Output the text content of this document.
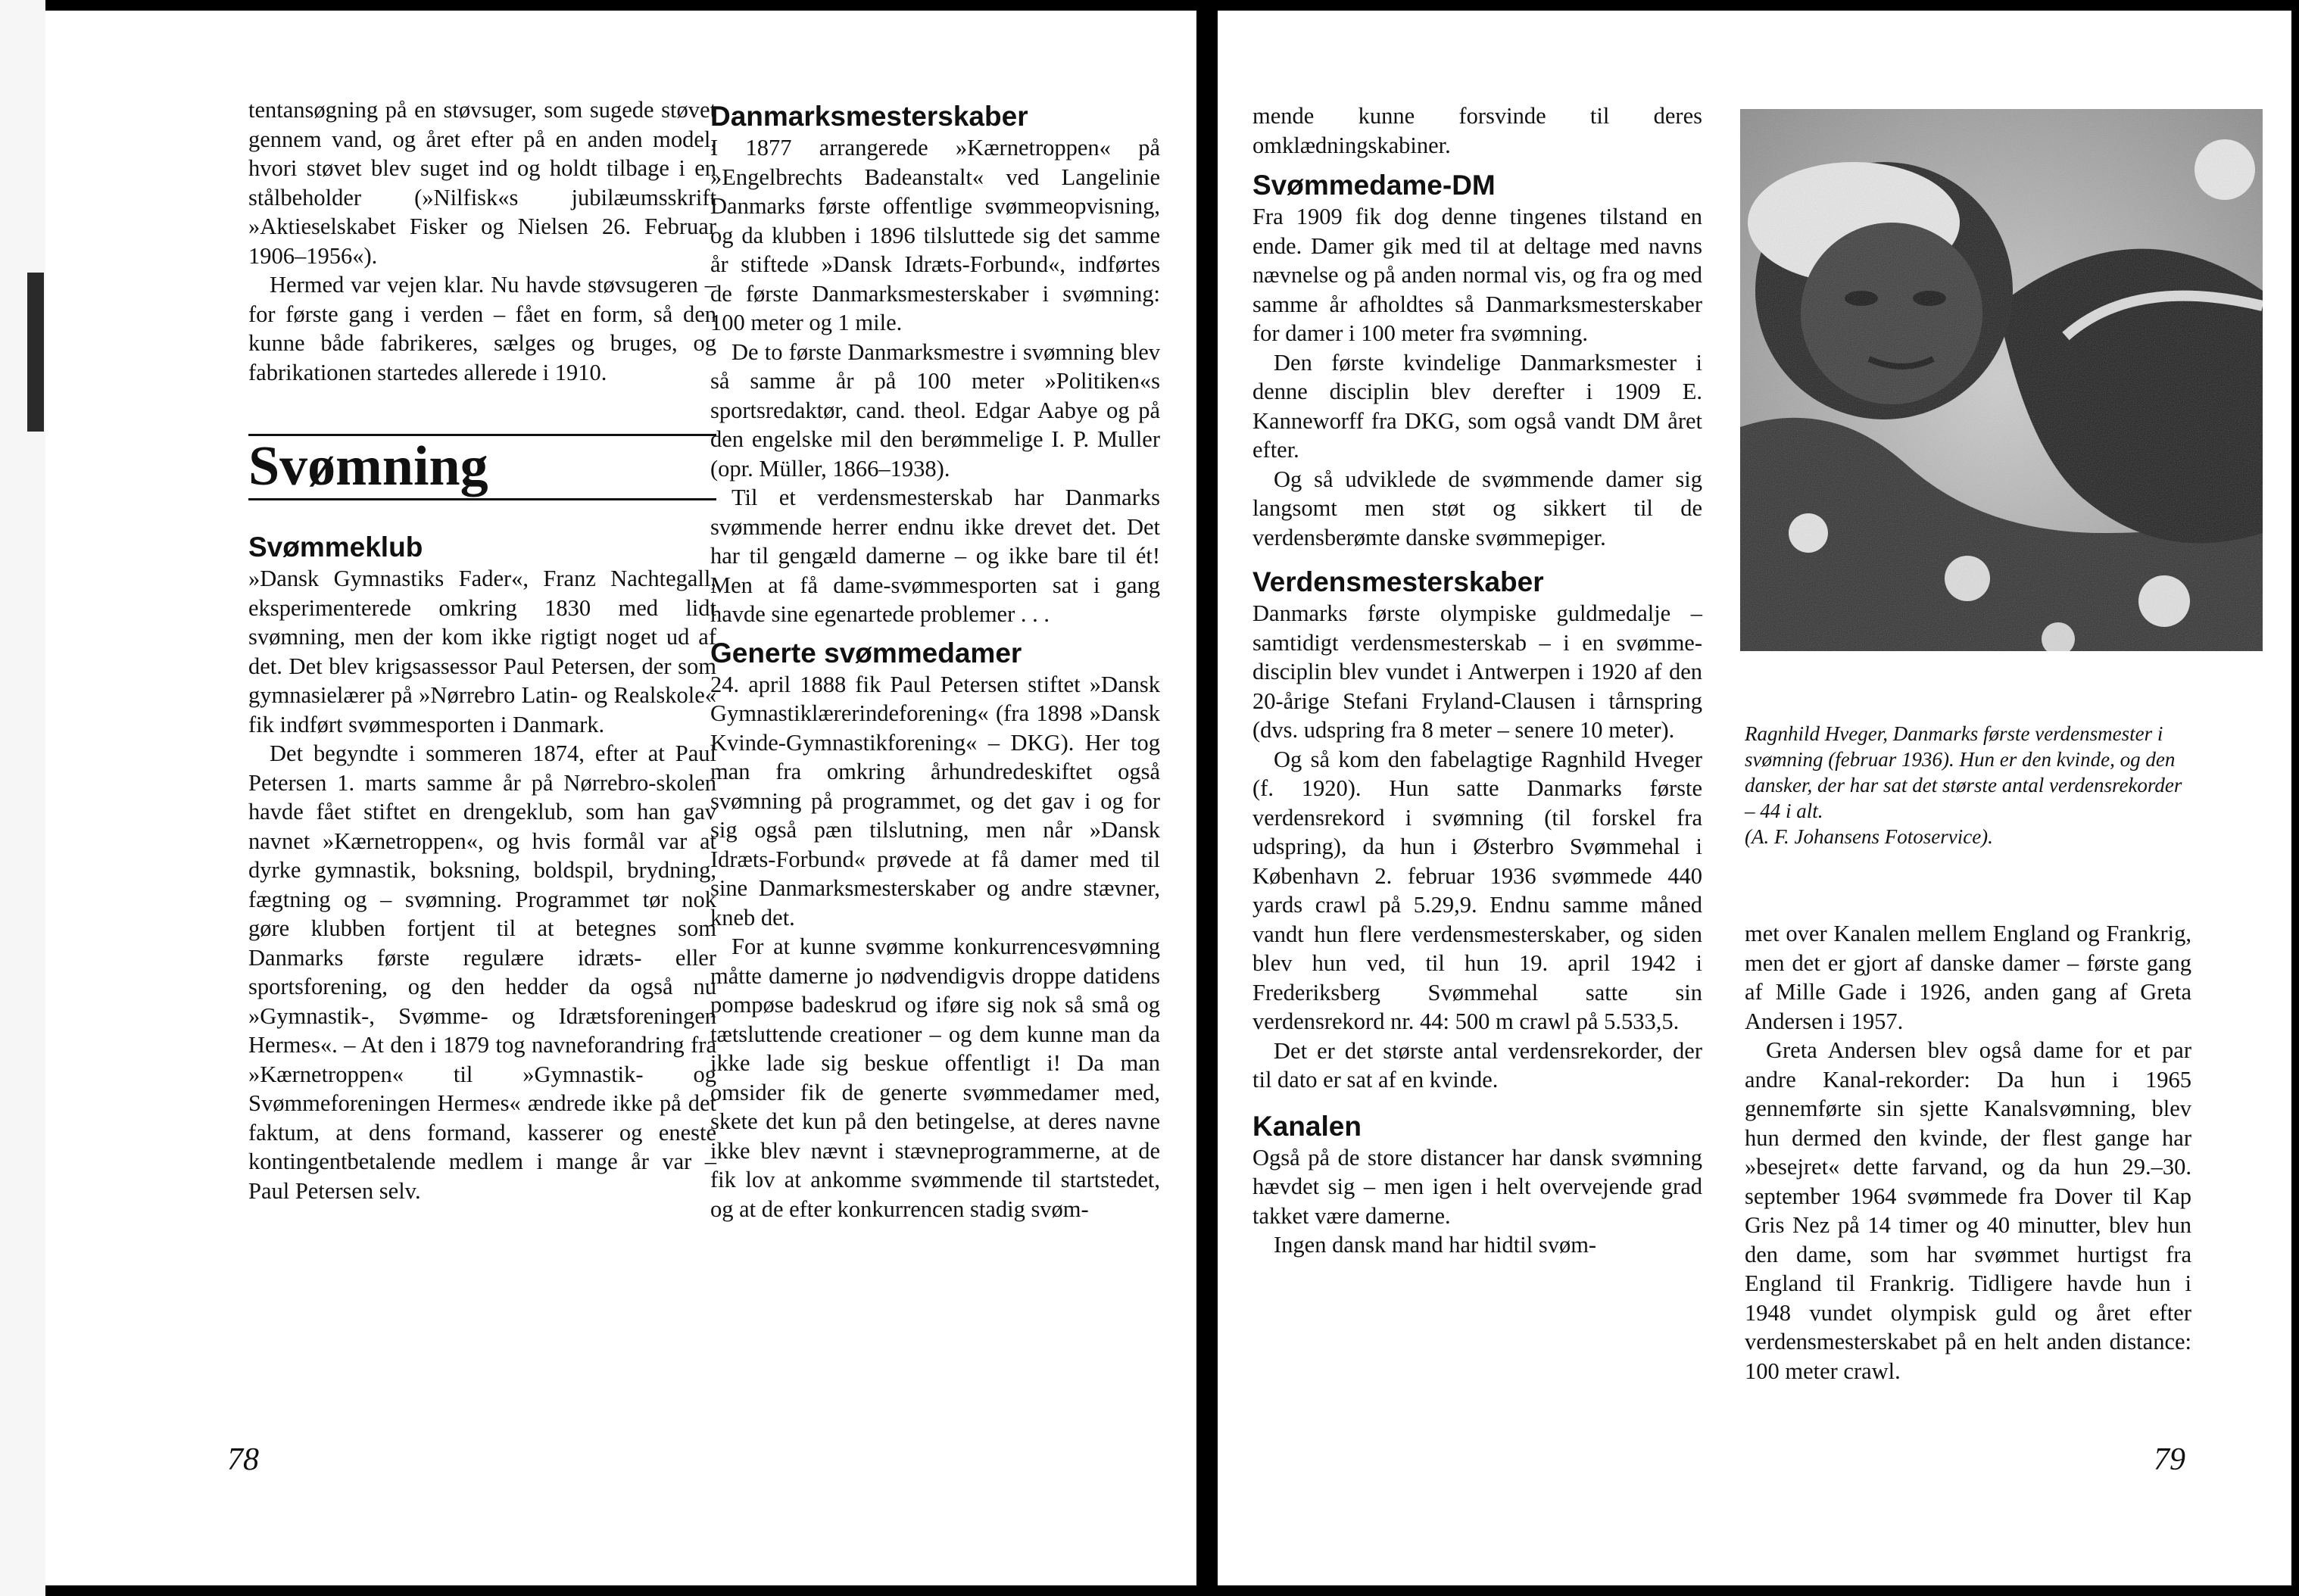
tentansøgning på en støvsuger, som sugede støvet gennem vand, og året efter på en anden model, hvori støvet blev suget ind og holdt tilbage i en stålbeholder (»Nilfisk«s jubilæumsskrift »Aktieselskabet Fisker og Nielsen 26. Februar 1906–1956«).

Hermed var vejen klar. Nu havde støvsugeren – for første gang i verden – fået en form, så den kunne både fabrikeres, sælges og bruges, og fabrikationen startedes allerede i 1910.

Svømning
Svømmeklub

»Dansk Gymnastiks Fader«, Franz Nachtegall, eksperimenterede omkring 1830 med lidt svømning, men der kom ikke rigtigt noget ud af det. Det blev krigsassessor Paul Petersen, der som gymnasielærer på »Nørrebro Latin- og Realskole« fik indført svømmesporten i Danmark.

Det begyndte i sommeren 1874, efter at Paul Petersen 1. marts samme år på Nørrebro-skolen havde fået stiftet en drengeklub, som han gav navnet »Kærnetroppen«, og hvis formål var at dyrke gymnastik, boksning, boldspil, brydning, fægtning og – svømning. Programmet tør nok gøre klubben fortjent til at betegnes som Danmarks første regulære idræts- eller sportsforening, og den hedder da også nu »Gymnastik-, Svømme- og Idrætsforeningen Hermes«. – At den i 1879 tog navneforandring fra »Kærnetroppen« til »Gymnastik- og Svømmeforeningen Hermes« ændrede ikke på det faktum, at dens formand, kasserer og eneste kontingentbetalende medlem i mange år var – Paul Petersen selv.

Danmarksmesterskaber

I 1877 arrangerede »Kærnetroppen« på »Engelbrechts Badeanstalt« ved Langelinie Danmarks første offentlige svømmeopvisning, og da klubben i 1896 tilsluttede sig det samme år stiftede »Dansk Idræts-Forbund«, indførtes de første Danmarksmesterskaber i svømning: 100 meter og 1 mile.

De to første Danmarksmestre i svømning blev så samme år på 100 meter »Politiken«s sportsredaktør, cand. theol. Edgar Aabye og på den engelske mil den berømmelige I. P. Muller (opr. Müller, 1866–1938).

Til et verdensmesterskab har Danmarks svømmende herrer endnu ikke drevet det. Det har til gengæld damerne – og ikke bare til ét! Men at få dame-svømmesporten sat i gang havde sine egenartede problemer . . .

Generte svømmedamer

24. april 1888 fik Paul Petersen stiftet »Dansk Gymnastiklærerindeforening« (fra 1898 »Dansk Kvinde-Gymnastikforening« – DKG). Her tog man fra omkring århundredeskiftet også svømning på programmet, og det gav i og for sig også pæn tilslutning, men når »Dansk Idræts-Forbund« prøvede at få damer med til sine Danmarksmesterskaber og andre stævner, kneb det.

For at kunne svømme konkurrencesvømning måtte damerne jo nødvendigvis droppe datidens pompøse badeskrud og iføre sig nok så små og tætsluttende creationer – og dem kunne man da ikke lade sig beskue offentligt i! Da man omsider fik de generte svømmedamer med, skete det kun på den betingelse, at deres navne ikke blev nævnt i stævneprogrammerne, at de fik lov at ankomme svømmende til startstedet, og at de efter konkurrencen stadig svøm-

78

mende kunne forsvinde til deres omklædningskabiner.

Svømmedame-DM

Fra 1909 fik dog denne tingenes tilstand en ende. Damer gik med til at deltage med navns nævnelse og på anden normal vis, og fra og med samme år afholdtes så Danmarksmesterskaber for damer i 100 meter fra svømning.

Den første kvindelige Danmarksmester i denne disciplin blev derefter i 1909 E. Kanneworff fra DKG, som også vandt DM året efter.

Og så udviklede de svømmende damer sig langsomt men støt og sikkert til de verdensberømte danske svømmepiger.

Verdensmesterskaber

Danmarks første olympiske guldmedalje – samtidigt verdensmesterskab – i en svømme-disciplin blev vundet i Antwerpen i 1920 af den 20-årige Stefani Fryland-Clausen i tårnspring (dvs. udspring fra 8 meter – senere 10 meter).

Og så kom den fabelagtige Ragnhild Hveger (f. 1920). Hun satte Danmarks første verdensrekord i svømning (til forskel fra udspring), da hun i Østerbro Svømmehal i København 2. februar 1936 svømmede 440 yards crawl på 5.29,9. Endnu samme måned vandt hun flere verdensmesterskaber, og siden blev hun ved, til hun 19. april 1942 i Frederiksberg Svømmehal satte sin verdensrekord nr. 44: 500 m crawl på 5.533,5.

Det er det største antal verdensrekorder, der til dato er sat af en kvinde.

Kanalen

Også på de store distancer har dansk svømning hævdet sig – men igen i helt overvejende grad takket være damerne.

Ingen dansk mand har hidtil svøm-

Ragnhild Hveger, Danmarks første verdensmester i svømning (februar 1936). Hun er den kvinde, og den dansker, der har sat det største antal verdensrekorder – 44 i alt.

(A. F. Johansens Fotoservice).

met over Kanalen mellem England og Frankrig, men det er gjort af danske damer – første gang af Mille Gade i 1926, anden gang af Greta Andersen i 1957.

Greta Andersen blev også dame for et par andre Kanal-rekorder: Da hun i 1965 gennemførte sin sjette Kanalsvømning, blev hun dermed den kvinde, der flest gange har »besejret« dette farvand, og da hun 29.–30. september 1964 svømmede fra Dover til Kap Gris Nez på 14 timer og 40 minutter, blev hun den dame, som har svømmet hurtigst fra England til Frankrig. Tidligere havde hun i 1948 vundet olympisk guld og året efter verdensmesterskabet på en helt anden distance: 100 meter crawl.

79
